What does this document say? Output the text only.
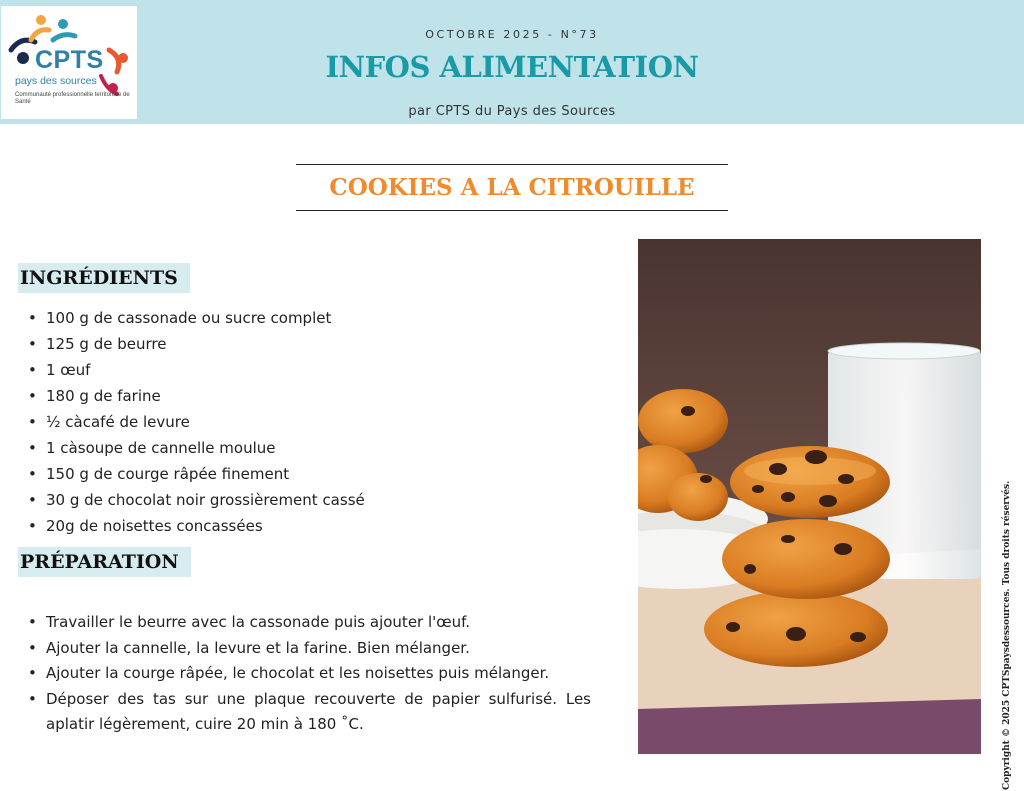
CPTS
pays des sources
Communauté professionnelle territoriale de Santé
OCTOBRE 2025 - N°73
INFOS ALIMENTATION
par CPTS du Pays des Sources
COOKIES A LA CITROUILLE
INGRÉDIENTS
• 100 g de cassonade ou sucre complet
• 125 g de beurre
• 1 œuf
• 180 g de farine
• ½ càcafé de levure
• 1 càsoupe de cannelle moulue
• 150 g de courge râpée finement
• 30 g de chocolat noir grossièrement cassé
• 20g de noisettes concassées
PRÉPARATION
• Travailler le beurre avec la cassonade puis ajouter l'œuf.
• Ajouter la cannelle, la levure et la farine. Bien mélanger.
• Ajouter la courge râpée, le chocolat et les noisettes puis mélanger.
• Déposer des tas sur une plaque recouverte de papier sulfurisé. Les aplatir légèrement, cuire 20 min à 180 ˚C.	Copyright © 2025 CPTSpaysdessources. Tous droits réservés.
